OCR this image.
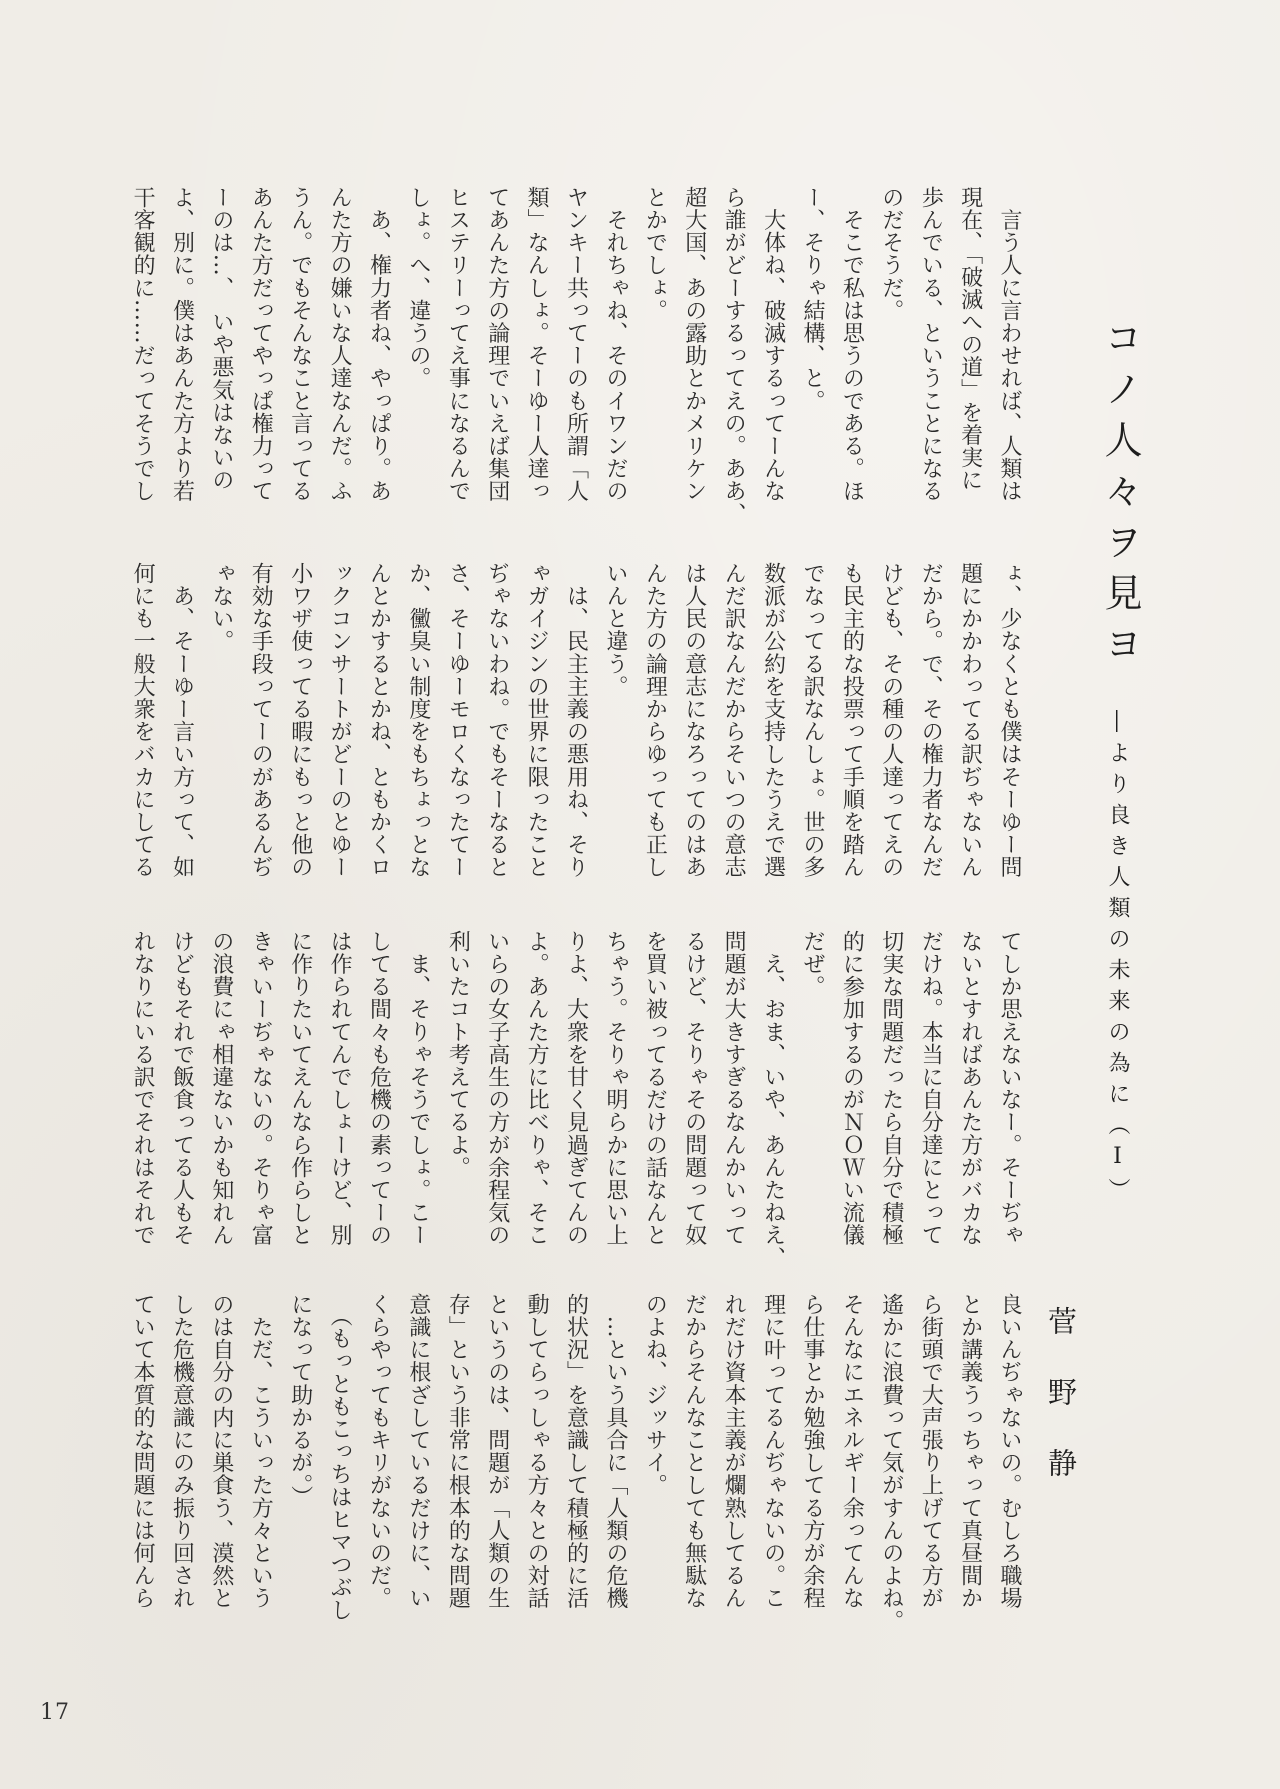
コノ人々ヲ見ヨ
―より良き人類の未来の為に（Ⅰ）
菅野静
　言う人に言わせれば、人類は
現在、「破滅への道」を着実に
歩んでいる、ということになる
のだそうだ。
　そこで私は思うのである。ほ
ー、そりゃ結構、と。
　大体ね、破滅するってーんな
ら誰がどーするってえの。ああ、
超大国、あの露助とかメリケン
とかでしょ。
　それちゃね、そのイワンだの
ヤンキー共ってーのも所謂「人
類」なんしょ。そーゆー人達っ
てあんた方の論理でいえば集団
ヒステリーってえ事になるんで
しょ。へ、違うの。
　あ、権力者ね、やっぱり。あ
んた方の嫌いな人達なんだ。ふ
うん。でもそんなこと言ってる
あんた方だってやっぱ権力って
ーのは…、　いや悪気はないの
よ、別に。僕はあんた方より若
干客観的に……だってそうでし
ょ、少なくとも僕はそーゆー問
題にかかわってる訳ぢゃないん
だから。で、その権力者なんだ
けども、その種の人達ってえの
も民主的な投票って手順を踏ん
でなってる訳なんしょ。世の多
数派が公約を支持したうえで選
んだ訳なんだからそいつの意志
は人民の意志になろってのはあ
んた方の論理からゆっても正し
いんと違う。
　は、民主主義の悪用ね、そり
ゃガイジンの世界に限ったこと
ぢゃないわね。でもそーなると
さ、そーゆーモロくなったてー
か、黴臭い制度をもちょっとな
んとかするとかね、ともかくロ
ックコンサートがどーのとゆー
小ワザ使ってる暇にもっと他の
有効な手段ってーのがあるんぢ
ゃない。
　あ、そーゆー言い方って、如
何にも一般大衆をバカにしてる
てしか思えないなー。そーぢゃ
ないとすればあんた方がバカな
だけね。本当に自分達にとって
切実な問題だったら自分で積極
的に参加するのがＮＯＷい流儀
だぜ。
　え、おま、いや、あんたねえ、
問題が大きすぎるなんかいって
るけど、そりゃその問題って奴
を買い被ってるだけの話なんと
ちゃう。そりゃ明らかに思い上
りよ、大衆を甘く見過ぎてんの
よ。あんた方に比べりゃ、そこ
いらの女子高生の方が余程気の
利いたコト考えてるよ。
　ま、そりゃそうでしょ。こー
してる間々も危機の素ってーの
は作られてんでしょーけど、別
に作りたいてえんなら作らしと
きゃいーぢゃないの。そりゃ富
の浪費にゃ相違ないかも知れん
けどもそれで飯食ってる人もそ
れなりにいる訳でそれはそれで
良いんぢゃないの。むしろ職場
とか講義うっちゃって真昼間か
ら街頭で大声張り上げてる方が
遙かに浪費って気がすんのよね。
そんなにエネルギー余ってんな
ら仕事とか勉強してる方が余程
理に叶ってるんぢゃないの。こ
れだけ資本主義が爛熟してるん
だからそんなことしても無駄な
のよね、ジッサイ。
　…という具合に「人類の危機
的状況」を意識して積極的に活
動してらっしゃる方々との対話
というのは、問題が「人類の生
存」という非常に根本的な問題
意識に根ざしているだけに、い
くらやってもキリがないのだ。
　（もっともこっちはヒマつぶし
になって助かるが。）
　ただ、こういった方々という
のは自分の内に巣食う、漠然と
した危機意識にのみ振り回され
ていて本質的な問題には何んら
17
